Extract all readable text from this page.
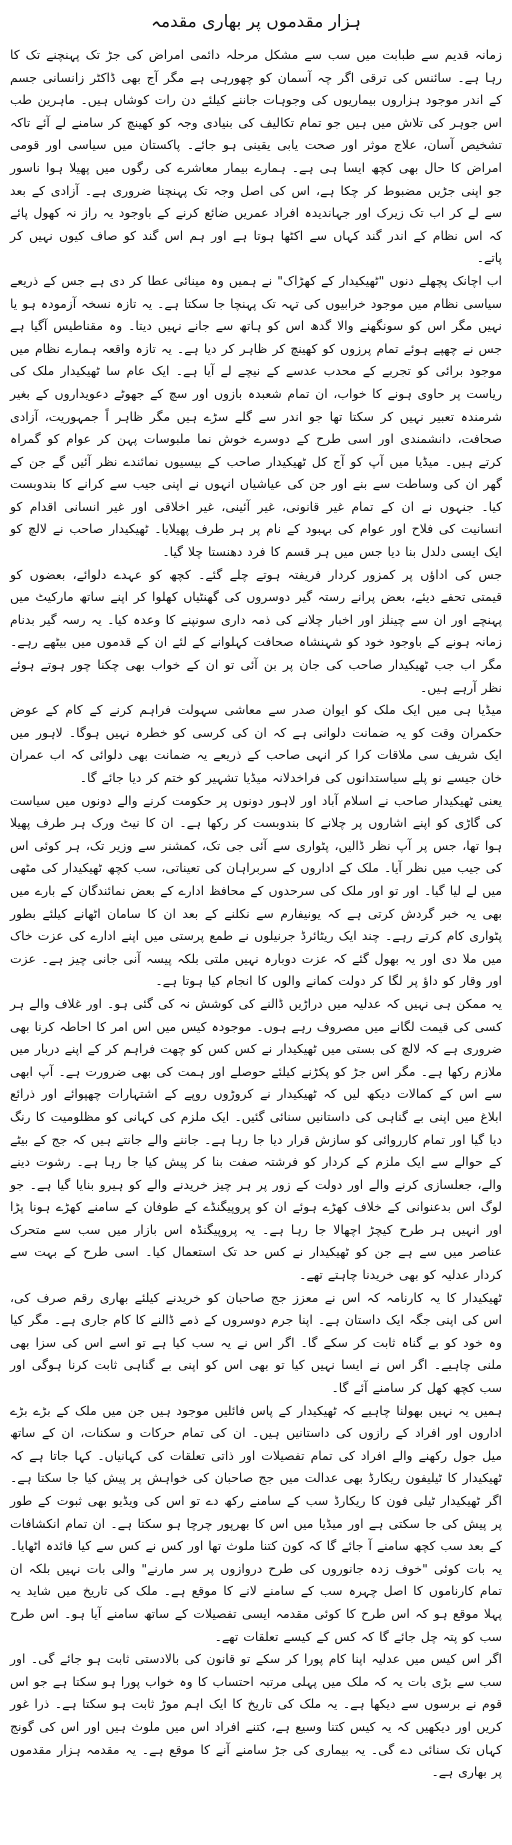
ہزار مقدموں پر بھاری مقدمہ

زمانہ قدیم سے طبابت میں سب سے مشکل مرحلہ دائمی امراض کی جڑ تک پہنچنے تک کا رہا ہے۔ سائنس کی ترقی اگر چہ آسمان کو چھورہی ہے مگر آج بھی ڈاکٹر زانسانی جسم کے اندر موجود ہزاروں بیماریوں کی وجوہات جاننے کیلئے دن رات کوشاں ہیں۔ ماہرین طب اس جوہر کی تلاش میں ہیں جو تمام تکالیف کی بنیادی وجہ کو کھینچ کر سامنے لے آئے تاکہ تشخیص آسان، علاج موثر اور صحت یابی یقینی ہو جائے۔ پاکستان میں سیاسی اور قومی امراض کا حال بھی کچھ ایسا ہی ہے۔ ہمارے بیمار معاشرے کی رگوں میں پھیلا ہوا ناسور جو اپنی جڑیں مضبوط کر چکا ہے، اس کی اصل وجہ تک پہنچنا ضروری ہے۔ آزادی کے بعد سے لے کر اب تک زیرک اور جہاندیدہ افراد عمریں ضائع کرنے کے باوجود یہ راز نہ کھول پائے کہ اس نظام کے اندر گند کہاں سے اکٹھا ہوتا ہے اور ہم اس گند کو صاف کیوں نہیں کر پاتے۔

اب اچانک پچھلے دنوں "ٹھیکیدار کے کھڑاک" نے ہمیں وہ مینائی عطا کر دی ہے جس کے ذریعے سیاسی نظام میں موجود خرابیوں کی تہہ تک پہنچا جا سکتا ہے۔ یہ تازہ نسخہ آزمودہ ہو یا نہیں مگر اس کو سونگھنے والا گدھ اس کو ہاتھ سے جانے نہیں دیتا۔ وہ مقناطیس آگیا ہے جس نے چھپے ہوئے تمام پرزوں کو کھینچ کر ظاہر کر دیا ہے۔ یہ تازہ واقعہ ہمارے نظام میں موجود برائی کو تجربے کے محدب عدسے کے نیچے لے آیا ہے۔ ایک عام سا ٹھیکیدار ملک کی ریاست پر حاوی ہونے کا خواب، ان تمام شعبدہ بازوں اور سچ کے جھوٹے دعویداروں کے بغیر شرمندہ تعبیر نہیں کر سکتا تھا جو اندر سے گلے سڑے ہیں مگر ظاہر اً جمہوریت، آزادی صحافت، دانشمندی اور اسی طرح کے دوسرے خوش نما ملبوسات پہن کر عوام کو گمراہ کرتے ہیں۔ میڈیا میں آپ کو آج کل ٹھیکیدار صاحب کے بیسیوں نمائندے نظر آئیں گے جن کے گھر ان کی وساطت سے بنے اور جن کی عیاشیاں انہوں نے اپنی جیب سے کرانے کا بندوبست کیا۔ جنہوں نے ان کے تمام غیر قانونی، غیر آئینی، غیر اخلاقی اور غیر انسانی اقدام کو انسانیت کی فلاح اور عوام کی بہبود کے نام پر ہر طرف پھیلایا۔ ٹھیکیدار صاحب نے لالچ کو ایک ایسی دلدل بنا دیا جس میں ہر قسم کا فرد دھنستا چلا گیا۔

جس کی اداؤں پر کمزور کردار فریفتہ ہوتے چلے گئے۔ کچھ کو عہدے دلوائے، بعضوں کو قیمتی تحفے دیئے، بعض پرانے رستہ گیر دوسروں کی گھنٹیاں کھلوا کر اپنے ساتھ مارکیٹ میں پہنچے اور ان سے چینلز اور اخبار چلانے کی ذمہ داری سونپنے کا وعدہ کیا۔ یہ رسہ گیر بدنام زمانہ ہونے کے باوجود خود کو شہنشاہ صحافت کہلوانے کے لئے ان کے قدموں میں بیٹھے رہے۔ مگر اب جب ٹھیکیدار صاحب کی جان پر بن آئی تو ان کے خواب بھی چکنا چور ہوتے ہوئے نظر آرہے ہیں۔

میڈیا ہی میں ایک ملک کو ایوان صدر سے معاشی سہولت فراہم کرنے کے کام کے عوض حکمران وقت کو یہ ضمانت دلوانی ہے کہ ان کی کرسی کو خطرہ نہیں ہوگا۔ لاہور میں ایک شریف سی ملاقات کرا کر انہی صاحب کے ذریعے یہ ضمانت بھی دلوائی کہ اب عمران خان جیسے نو پلے سیاستدانوں کی فراخدلانہ میڈیا تشہیر کو ختم کر دیا جائے گا۔

یعنی ٹھیکیدار صاحب نے اسلام آباد اور لاہور دونوں پر حکومت کرنے والے دونوں میں سیاست کی گاڑی کو اپنے اشاروں پر چلانے کا بندوبست کر رکھا ہے۔ ان کا نیٹ ورک ہر طرف پھیلا ہوا تھا، جس پر آپ نظر ڈالیں، پٹواری سے آئی جی تک، کمشنر سے وزیر تک، ہر کوئی اس کی جیب میں نظر آیا۔ ملک کے اداروں کے سربراہان کی تعیناتی، سب کچھ ٹھیکیدار کی مٹھی میں لے لیا گیا۔ اور تو اور ملک کی سرحدوں کے محافظ ادارے کے بعض نمائندگان کے بارے میں بھی یہ خبر گردش کرتی ہے کہ یونیفارم سے نکلنے کے بعد ان کا سامان اٹھانے کیلئے بطور پٹواری کام کرتے رہے۔ چند ایک ریٹائرڈ جرنیلوں نے طمع پرستی میں اپنے ادارے کی عزت خاک میں ملا دی اور یہ بھول گئے کہ عزت دوبارہ نہیں ملتی بلکہ پیسہ آنی جانی چیز ہے۔ عزت اور وقار کو داؤ پر لگا کر دولت کمانے والوں کا انجام کیا ہوتا ہے۔

یہ ممکن ہی نہیں کہ عدلیہ میں دراڑیں ڈالنے کی کوشش نہ کی گئی ہو۔ اور غلاف والے ہر کسی کی قیمت لگانے میں مصروف رہے ہوں۔ موجودہ کیس میں اس امر کا احاطہ کرنا بھی ضروری ہے کہ لالچ کی بستی میں ٹھیکیدار نے کس کس کو چھت فراہم کر کے اپنے دربار میں ملازم رکھا ہے۔ مگر اس جڑ کو پکڑنے کیلئے حوصلے اور ہمت کی بھی ضرورت ہے۔ آپ ابھی سے اس کے کمالات دیکھ لیں کہ ٹھیکیدار نے کروڑوں روپے کے اشتہارات چھپوائے اور ذرائع ابلاغ میں اپنی بے گناہی کی داستانیں سنائی گئیں۔ ایک ملزم کی کہانی کو مظلومیت کا رنگ دیا گیا اور تمام کارروائی کو سازش قرار دیا جا رہا ہے۔ جاننے والے جانتے ہیں کہ جج کے بیٹے کے حوالے سے ایک ملزم کے کردار کو فرشتہ صفت بنا کر پیش کیا جا رہا ہے۔ رشوت دینے والے، جعلسازی کرنے والے اور دولت کے زور پر ہر چیز خریدنے والے کو ہیرو بنایا گیا ہے۔ جو لوگ اس بدعنوانی کے خلاف کھڑے ہوئے ان کو پروپیگنڈے کے طوفان کے سامنے کھڑے ہونا پڑا اور انہیں ہر طرح کیچڑ اچھالا جا رہا ہے۔ یہ پروپیگنڈہ اس بازار میں سب سے متحرک عناصر میں سے ہے جن کو ٹھیکیدار نے کس حد تک استعمال کیا۔ اسی طرح کے بہت سے کردار عدلیہ کو بھی خریدنا چاہتے تھے۔

ٹھیکیدار کا یہ کارنامہ کہ اس نے معزز جج صاحبان کو خریدنے کیلئے بھاری رقم صرف کی، اس کی اپنی جگہ ایک داستان ہے۔ اپنا جرم دوسروں کے ذمے ڈالنے کا کام جاری ہے۔ مگر کیا وہ خود کو بے گناہ ثابت کر سکے گا۔ اگر اس نے یہ سب کیا ہے تو اسے اس کی سزا بھی ملنی چاہیے۔ اگر اس نے ایسا نہیں کیا تو بھی اس کو اپنی بے گناہی ثابت کرنا ہوگی اور سب کچھ کھل کر سامنے آئے گا۔

ہمیں یہ نہیں بھولنا چاہیے کہ ٹھیکیدار کے پاس فائلیں موجود ہیں جن میں ملک کے بڑے بڑے اداروں اور افراد کے رازوں کی داستانیں ہیں۔ ان کی تمام حرکات و سکنات، ان کے ساتھ میل جول رکھنے والے افراد کی تمام تفصیلات اور ذاتی تعلقات کی کہانیاں۔ کہا جاتا ہے کہ ٹھیکیدار کا ٹیلیفون ریکارڈ بھی عدالت میں جج صاحبان کی خواہش پر پیش کیا جا سکتا ہے۔ اگر ٹھیکیدار ٹیلی فون کا ریکارڈ سب کے سامنے رکھ دے تو اس کی ویڈیو بھی ثبوت کے طور پر پیش کی جا سکتی ہے اور میڈیا میں اس کا بھرپور چرچا ہو سکتا ہے۔ ان تمام انکشافات کے بعد سب کچھ سامنے آ جائے گا کہ کون کتنا ملوث تھا اور کس نے کس سے کیا فائدہ اٹھایا۔ یہ بات کوئی "خوف زدہ جانوروں کی طرح دروازوں پر سر مارنے" والی بات نہیں بلکہ ان تمام کارناموں کا اصل چہرہ سب کے سامنے لانے کا موقع ہے۔ ملک کی تاریخ میں شاید یہ پہلا موقع ہو کہ اس طرح کا کوئی مقدمہ ایسی تفصیلات کے ساتھ سامنے آیا ہو۔ اس طرح سب کو پتہ چل جائے گا کہ کس کے کیسے تعلقات تھے۔

اگر اس کیس میں عدلیہ اپنا کام پورا کر سکے تو قانون کی بالادستی ثابت ہو جائے گی۔ اور سب سے بڑی بات یہ کہ ملک میں پہلی مرتبہ احتساب کا وہ خواب پورا ہو سکتا ہے جو اس قوم نے برسوں سے دیکھا ہے۔ یہ ملک کی تاریخ کا ایک اہم موڑ ثابت ہو سکتا ہے۔ ذرا غور کریں اور دیکھیں کہ یہ کیس کتنا وسیع ہے، کتنے افراد اس میں ملوث ہیں اور اس کی گونج کہاں تک سنائی دے گی۔ یہ بیماری کی جڑ سامنے آنے کا موقع ہے۔ یہ مقدمہ ہزار مقدموں پر بھاری ہے۔
